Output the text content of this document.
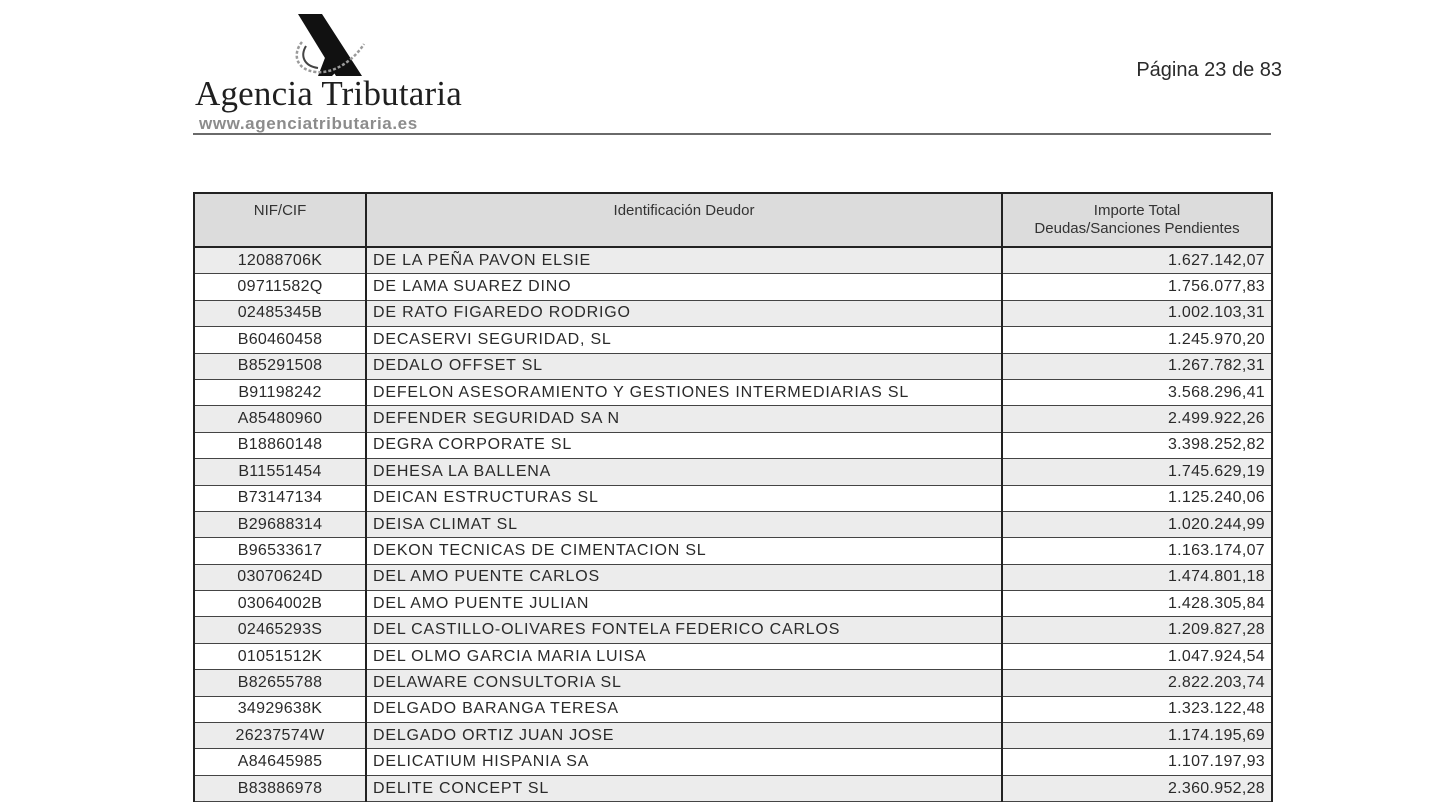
Agencia Tributaria
www.agenciatributaria.es
Página 23 de 83
NIF/CIF	Identificación Deudor	Importe Total
Deudas/Sanciones Pendientes

12088706K	DE LA PEÑA PAVON ELSIE	1.627.142,07
09711582Q	DE LAMA SUAREZ DINO	1.756.077,83
02485345B	DE RATO FIGAREDO RODRIGO	1.002.103,31
B60460458	DECASERVI SEGURIDAD, SL	1.245.970,20
B85291508	DEDALO OFFSET SL	1.267.782,31
B91198242	DEFELON ASESORAMIENTO Y GESTIONES INTERMEDIARIAS SL	3.568.296,41
A85480960	DEFENDER SEGURIDAD SA N	2.499.922,26
B18860148	DEGRA CORPORATE SL	3.398.252,82
B11551454	DEHESA LA BALLENA	1.745.629,19
B73147134	DEICAN ESTRUCTURAS SL	1.125.240,06
B29688314	DEISA CLIMAT SL	1.020.244,99
B96533617	DEKON TECNICAS DE CIMENTACION SL	1.163.174,07
03070624D	DEL AMO PUENTE CARLOS	1.474.801,18
03064002B	DEL AMO PUENTE JULIAN	1.428.305,84
02465293S	DEL CASTILLO-OLIVARES FONTELA FEDERICO CARLOS	1.209.827,28
01051512K	DEL OLMO GARCIA MARIA LUISA	1.047.924,54
B82655788	DELAWARE CONSULTORIA SL	2.822.203,74
34929638K	DELGADO BARANGA TERESA	1.323.122,48
26237574W	DELGADO ORTIZ JUAN JOSE	1.174.195,69
A84645985	DELICATIUM HISPANIA SA	1.107.197,93
B83886978	DELITE CONCEPT SL	2.360.952,28
